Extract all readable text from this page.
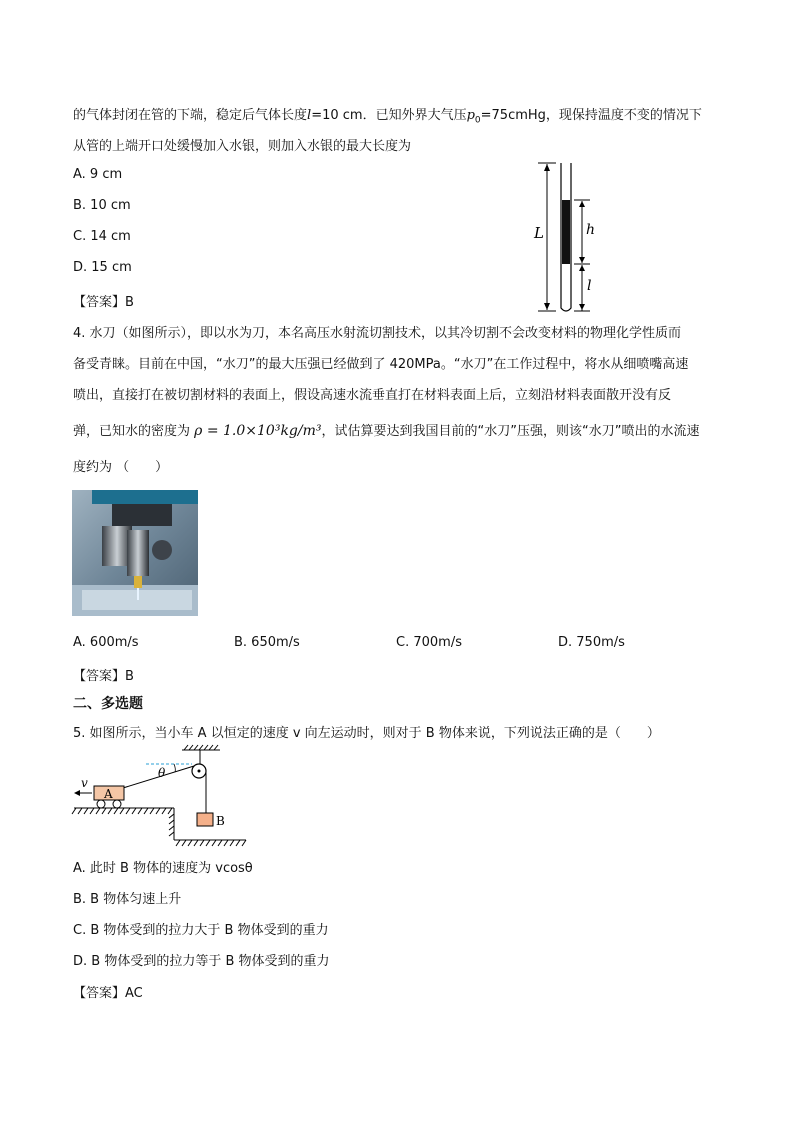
的气体封闭在管的下端，稳定后气体长度l=10 cm．已知外界大气压$p_0=75cmHg$，现保持温度不变的情况下
从管的上端开口处缓慢加入水银，则加入水银的最大长度为
A. 9 cm
B. 10 cm
C. 14 cm
D. 15 cm
【答案】B
L	h
l
4. 水刀（如图所示），即以水为刀，本名高压水射流切割技术，以其冷切割不会改变材料的物理化学性质而
备受青睐。目前在中国，“水刀”的最大压强已经做到了 420MPa。“水刀”在工作过程中，将水从细喷嘴高速
喷出，直接打在被切割材料的表面上，假设高速水流垂直打在材料表面上后，立刻沿材料表面散开没有反
弹，已知水的密度为 ρ = 1.0×10³kg/m³，试估算要达到我国目前的“水刀”压强，则该“水刀”喷出的水流速
度约为 （　　）
A. 600m/s	B. 650m/s	C. 700m/s	D. 750m/s
【答案】B
二、多选题
5. 如图所示，当小车 A 以恒定的速度 v 向左运动时，则对于 B 物体来说，下列说法正确的是（　　）
θ
A
v
B
A. 此时 B 物体的速度为 vcosθ
B. B 物体匀速上升
C. B 物体受到的拉力大于 B 物体受到的重力
D. B 物体受到的拉力等于 B 物体受到的重力
【答案】AC
